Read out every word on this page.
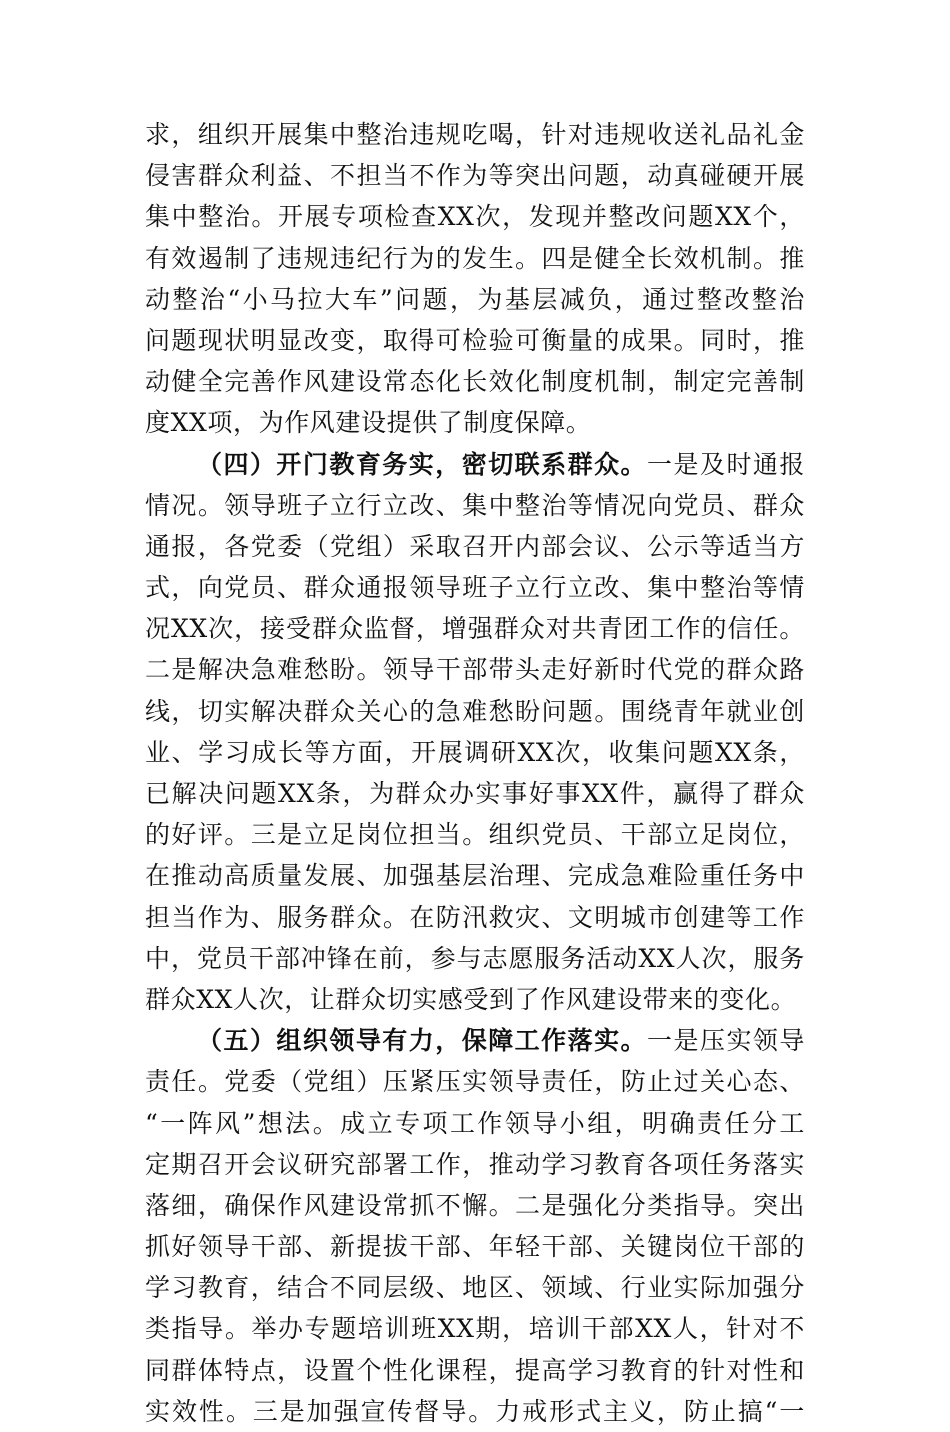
求，组织开展集中整治违规吃喝，针对违规收送礼品礼金
侵害群众利益、不担当不作为等突出问题，动真碰硬开展
集中整治。开展专项检查XX次，发现并整改问题XX个，
有效遏制了违规违纪行为的发生。四是健全长效机制。推
动整治“小马拉大车”问题，为基层减负，通过整改整治
问题现状明显改变，取得可检验可衡量的成果。同时，推
动健全完善作风建设常态化长效化制度机制，制定完善制
度XX项，为作风建设提供了制度保障。
（四）开门教育务实，密切联系群众。一是及时通报
情况。领导班子立行立改、集中整治等情况向党员、群众
通报，各党委（党组）采取召开内部会议、公示等适当方
式，向党员、群众通报领导班子立行立改、集中整治等情
况XX次，接受群众监督，增强群众对共青团工作的信任。
二是解决急难愁盼。领导干部带头走好新时代党的群众路
线，切实解决群众关心的急难愁盼问题。围绕青年就业创
业、学习成长等方面，开展调研XX次，收集问题XX条，
已解决问题XX条，为群众办实事好事XX件，赢得了群众
的好评。三是立足岗位担当。组织党员、干部立足岗位，
在推动高质量发展、加强基层治理、完成急难险重任务中
担当作为、服务群众。在防汛救灾、文明城市创建等工作
中，党员干部冲锋在前，参与志愿服务活动XX人次，服务
群众XX人次，让群众切实感受到了作风建设带来的变化。
（五）组织领导有力，保障工作落实。一是压实领导
责任。党委（党组）压紧压实领导责任，防止过关心态、
“一阵风”想法。成立专项工作领导小组，明确责任分工
定期召开会议研究部署工作，推动学习教育各项任务落实
落细，确保作风建设常抓不懈。二是强化分类指导。突出
抓好领导干部、新提拔干部、年轻干部、关键岗位干部的
学习教育，结合不同层级、地区、领域、行业实际加强分
类指导。举办专题培训班XX期，培训干部XX人，针对不
同群体特点，设置个性化课程，提高学习教育的针对性和
实效性。三是加强宣传督导。力戒形式主义，防止搞“一
